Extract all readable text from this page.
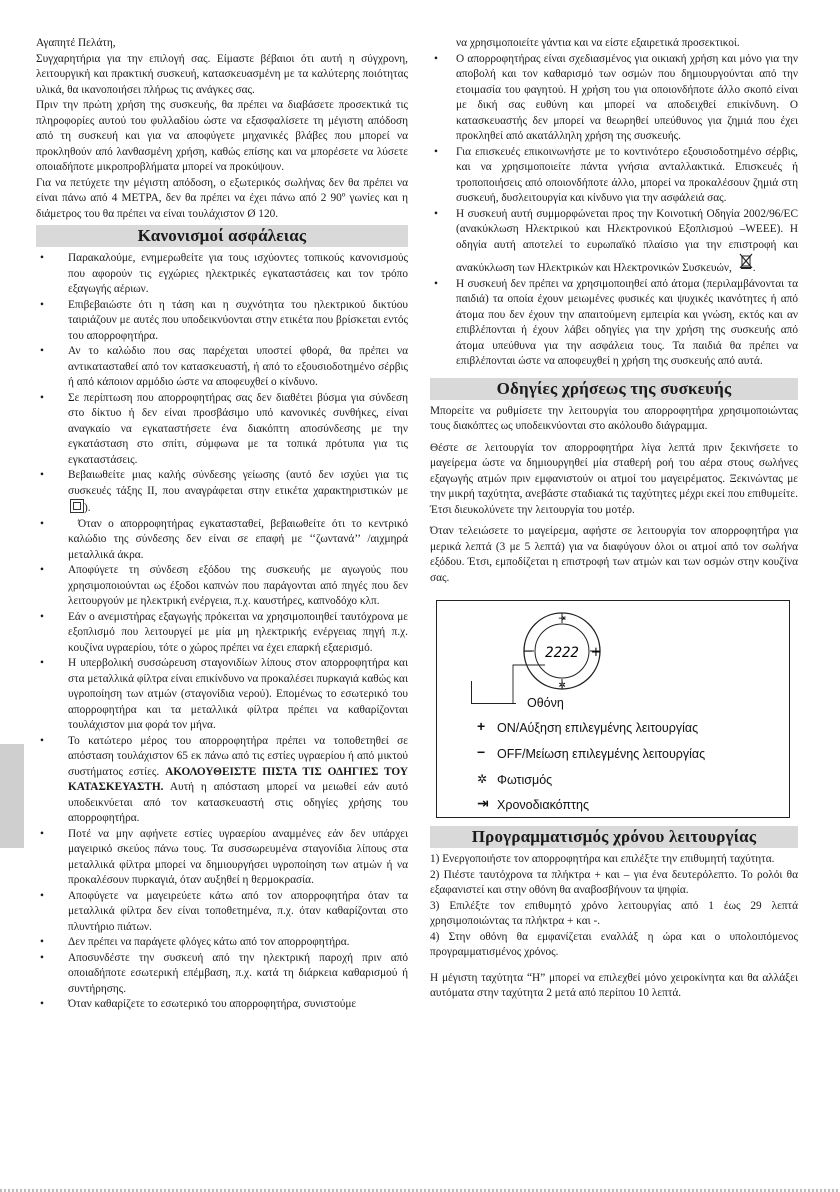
Αγαπητέ Πελάτη,

Συγχαρητήρια για την επιλογή σας. Είμαστε βέβαιοι ότι αυτή η σύγχρονη, λειτουργική και πρακτική συσκευή, κατασκευασμένη με τα καλύτερης ποιότητας υλικά, θα ικανοποιήσει πλήρως τις ανάγκες σας.

Πριν την πρώτη χρήση της συσκευής, θα πρέπει να διαβάσετε προσεκτικά τις πληροφορίες αυτού του φυλλαδίου ώστε να εξασφαλίσετε τη μέγιστη απόδοση από τη συσκευή και για να αποφύγετε μηχανικές βλάβες που μπορεί να προκληθούν από λανθασμένη χρήση, καθώς επίσης και να μπορέσετε να λύσετε οποιαδήποτε μικροπροβλήματα μπορεί να προκύψουν.

Για να πετύχετε την μέγιστη απόδοση, ο εξωτερικός σωλήνας δεν θα πρέπει να είναι πάνω από 4 ΜΕΤΡΑ, δεν θα πρέπει να έχει πάνω από 2 90º γωνίες και η διάμετρος του θα πρέπει να είναι τουλάχιστον Ø 120.

Κανονισμοί ασφάλειας
• Παρακαλούμε, ενημερωθείτε για τους ισχύοντες τοπικούς κανονισμούς που αφορούν τις εγχώριες ηλεκτρικές εγκαταστάσεις και τον τρόπο εξαγωγής αέριων.
• Επιβεβαιώστε ότι η τάση και η συχνότητα του ηλεκτρικού δικτύου ταιριάζουν με αυτές που υποδεικνύονται στην ετικέτα που βρίσκεται εντός του απορροφητήρα.
• Αν το καλώδιο που σας παρέχεται υποστεί φθορά, θα πρέπει να αντικατασταθεί από τον κατασκευαστή, ή από το εξουσιοδοτημένο σέρβις ή από κάποιον αρμόδιο ώστε να αποφευχθεί ο κίνδυνο.
• Σε περίπτωση που απορροφητήρας σας δεν διαθέτει βύσμα για σύνδεση στο δίκτυο ή δεν είναι προσβάσιμο υπό κανονικές συνθήκες, είναι αναγκαίο να εγκαταστήσετε ένα διακόπτη αποσύνδεσης με την εγκατάσταση στο σπίτι, σύμφωνα με τα τοπικά πρότυπα για τις εγκαταστάσεις.
• Βεβαιωθείτε μιας καλής σύνδεσης γείωσης (αυτό δεν ισχύει για τις συσκευές τάξης II, που αναγράφεται στην ετικέτα χαρακτηριστικών με ).
• Όταν ο απορροφητήρας εγκατασταθεί, βεβαιωθείτε ότι το κεντρικό καλώδιο της σύνδεσης δεν είναι σε επαφή με ‘‘ζωντανά’’ /αιχμηρά μεταλλικά άκρα.
• Αποφύγετε τη σύνδεση εξόδου της συσκευής με αγωγούς που χρησιμοποιούνται ως έξοδοι καπνών που παράγονται από πηγές που δεν λειτουργούν με ηλεκτρική ενέργεια, π.χ. καυστήρες, καπνοδόχο κλπ.
• Εάν ο ανεμιστήρας εξαγωγής πρόκειται να χρησιμοποιηθεί ταυτόχρονα με εξοπλισμό που λειτουργεί με μία μη ηλεκτρικής ενέργειας πηγή π.χ. κουζίνα υγραερίου, τότε ο χώρος πρέπει να έχει επαρκή εξαερισμό.
• Η υπερβολική συσσώρευση σταγονιδίων λίπους στον απορροφητήρα και στα μεταλλικά φίλτρα είναι επικίνδυνο να προκαλέσει πυρκαγιά καθώς και υγροποίηση των ατμών (σταγονίδια νερού). Επομένως το εσωτερικό του απορροφητήρα και τα μεταλλικά φίλτρα πρέπει να καθαρίζονται τουλάχιστον μια φορά τον μήνα.
• Το κατώτερο μέρος του απορροφητήρα πρέπει να τοποθετηθεί σε απόσταση τουλάχιστον 65 εκ πάνω από τις εστίες υγραερίου ή από μικτού συστήματος εστίες. ΑΚΟΛΟΥΘΕΙΣΤΕ ΠΙΣΤΑ ΤΙΣ ΟΔΗΓΙΕΣ ΤΟΥ ΚΑΤΑΣΚΕΥΑΣΤΗ. Αυτή η απόσταση μπορεί να μειωθεί εάν αυτό υποδεικνύεται από τον κατασκευαστή στις οδηγίες χρήσης του απορροφητήρα.
• Ποτέ να μην αφήνετε εστίες υγραερίου αναμμένες εάν δεν υπάρχει μαγειρικό σκεύος πάνω τους. Τα συσσωρευμένα σταγονίδια λίπους στα μεταλλικά φίλτρα μπορεί να δημιουργήσει υγροποίηση των ατμών ή να προκαλέσουν πυρκαγιά, όταν αυξηθεί η θερμοκρασία.
• Αποφύγετε να μαγειρεύετε κάτω από τον απορροφητήρα όταν τα μεταλλικά φίλτρα δεν είναι τοποθετημένα, π.χ. όταν καθαρίζονται στο πλυντήριο πιάτων.
• Δεν πρέπει να παράγετε φλόγες κάτω από τον απορροφητήρα.
• Αποσυνδέστε την συσκευή από την ηλεκτρική παροχή πριν από οποιαδήποτε εσωτερική επέμβαση, π.χ. κατά τη διάρκεια καθαρισμού ή συντήρησης.
• Όταν καθαρίζετε το εσωτερικό του απορροφητήρα, συνιστούμε

να χρησιμοποιείτε γάντια και να είστε εξαιρετικά προσεκτικοί.

• Ο απορροφητήρας είναι σχεδιασμένος για οικιακή χρήση και μόνο για την αποβολή και τον καθαρισμό των οσμών που δημιουργούνται από την ετοιμασία του φαγητού. Η χρήση του για οποιονδήποτε άλλο σκοπό είναι με δική σας ευθύνη και μπορεί να αποδειχθεί επικίνδυνη. Ο κατασκευαστής δεν μπορεί να θεωρηθεί υπεύθυνος για ζημιά που έχει προκληθεί από ακατάλληλη χρήση της συσκευής.
• Για επισκευές επικοινωνήστε με το κοντινότερο εξουσιοδοτημένο σέρβις, και να χρησιμοποιείτε πάντα γνήσια ανταλλακτικά. Επισκευές ή τροποποιήσεις από οποιονδήποτε άλλο, μπορεί να προκαλέσουν ζημιά στη συσκευή, δυσλειτουργία και κίνδυνο για την ασφάλειά σας.
• Η συσκευή αυτή συμμορφώνεται προς την Κοινοτική Οδηγία 2002/96/EC (ανακύκλωση Ηλεκτρικού και Ηλεκτρονικού Εξοπλισμού –WEEE). Η οδηγία αυτή αποτελεί το ευρωπαϊκό πλαίσιο για την επιστροφή και ανακύκλωση των Ηλεκτρικών και Ηλεκτρονικών Συσκευών, .
• Η συσκευή δεν πρέπει να χρησιμοποιηθεί από άτομα (περιλαμβάνονται τα παιδιά) τα οποία έχουν μειωμένες φυσικές και ψυχικές ικανότητες ή από άτομα που δεν έχουν την απαιτούμενη εμπειρία και γνώση, εκτός και αν επιβλέπονται ή έχουν λάβει οδηγίες για την χρήση της συσκευής από άτομα υπεύθυνα για την ασφάλεια τους. Τα παιδιά θα πρέπει να επιβλέπονται ώστε να αποφευχθεί η χρήση της συσκευής από αυτά.
Οδηγίες χρήσεως της συσκευής

Μπορείτε να ρυθμίσετε την λειτουργία του απορροφητήρα χρησιμοποιώντας τους διακόπτες ως υποδεικνύονται στο ακόλουθο διάγραμμα.

Θέστε σε λειτουργία τον απορροφητήρα λίγα λεπτά πριν ξεκινήσετε το μαγείρεμα ώστε να δημιουργηθεί μία σταθερή ροή του αέρα στους σωλήνες εξαγωγής ατμών πριν εμφανιστούν οι ατμοί του μαγειρέματος. Ξεκινώντας με την μικρή ταχύτητα, ανεβάστε σταδιακά τις ταχύτητες μέχρι εκεί που επιθυμείτε. Έτσι διευκολύνετε την λειτουργία του μοτέρ.

Όταν τελειώσετε το μαγείρεμα, αφήστε σε λειτουργία τον απορροφητήρα για μερικά λεπτά (3 με 5 λεπτά) για να διαφύγουν όλοι οι ατμοί από τον σωλήνα εξόδου. Έτσι, εμποδίζεται η επιστροφή των ατμών και των οσμών στην κουζίνα σας.

−	+
⇥
✲
2222
Οθόνη
+ ON/Αύξηση επιλεγμένης λειτουργίας
− OFF/Μείωση επιλεγμένης λειτουργίας
✲ Φωτισμός
⇥ Χρονοδιακόπτης
Προγραμματισμός χρόνου λειτουργίας
1) Ενεργοποιήστε τον απορροφητήρα και επιλέξτε την επιθυμητή ταχύτητα.
2) Πιέστε ταυτόχρονα τα πλήκτρα + και – για ένα δευτερόλεπτο. Το ρολόι θα εξαφανιστεί και στην οθόνη θα αναβοσβήνουν τα ψηφία.
3) Επιλέξτε τον επιθυμητό χρόνο λειτουργίας από 1 έως 29 λεπτά χρησιμοποιώντας τα πλήκτρα + και -.
4) Στην οθόνη θα εμφανίζεται εναλλάξ η ώρα και ο υπολοιπόμενος προγραμματισμένος χρόνος.

Η μέγιστη ταχύτητα “H” μπορεί να επιλεχθεί μόνο χειροκίνητα και θα αλλάξει αυτόματα στην ταχύτητα 2 μετά από περίπου 10 λεπτά.
